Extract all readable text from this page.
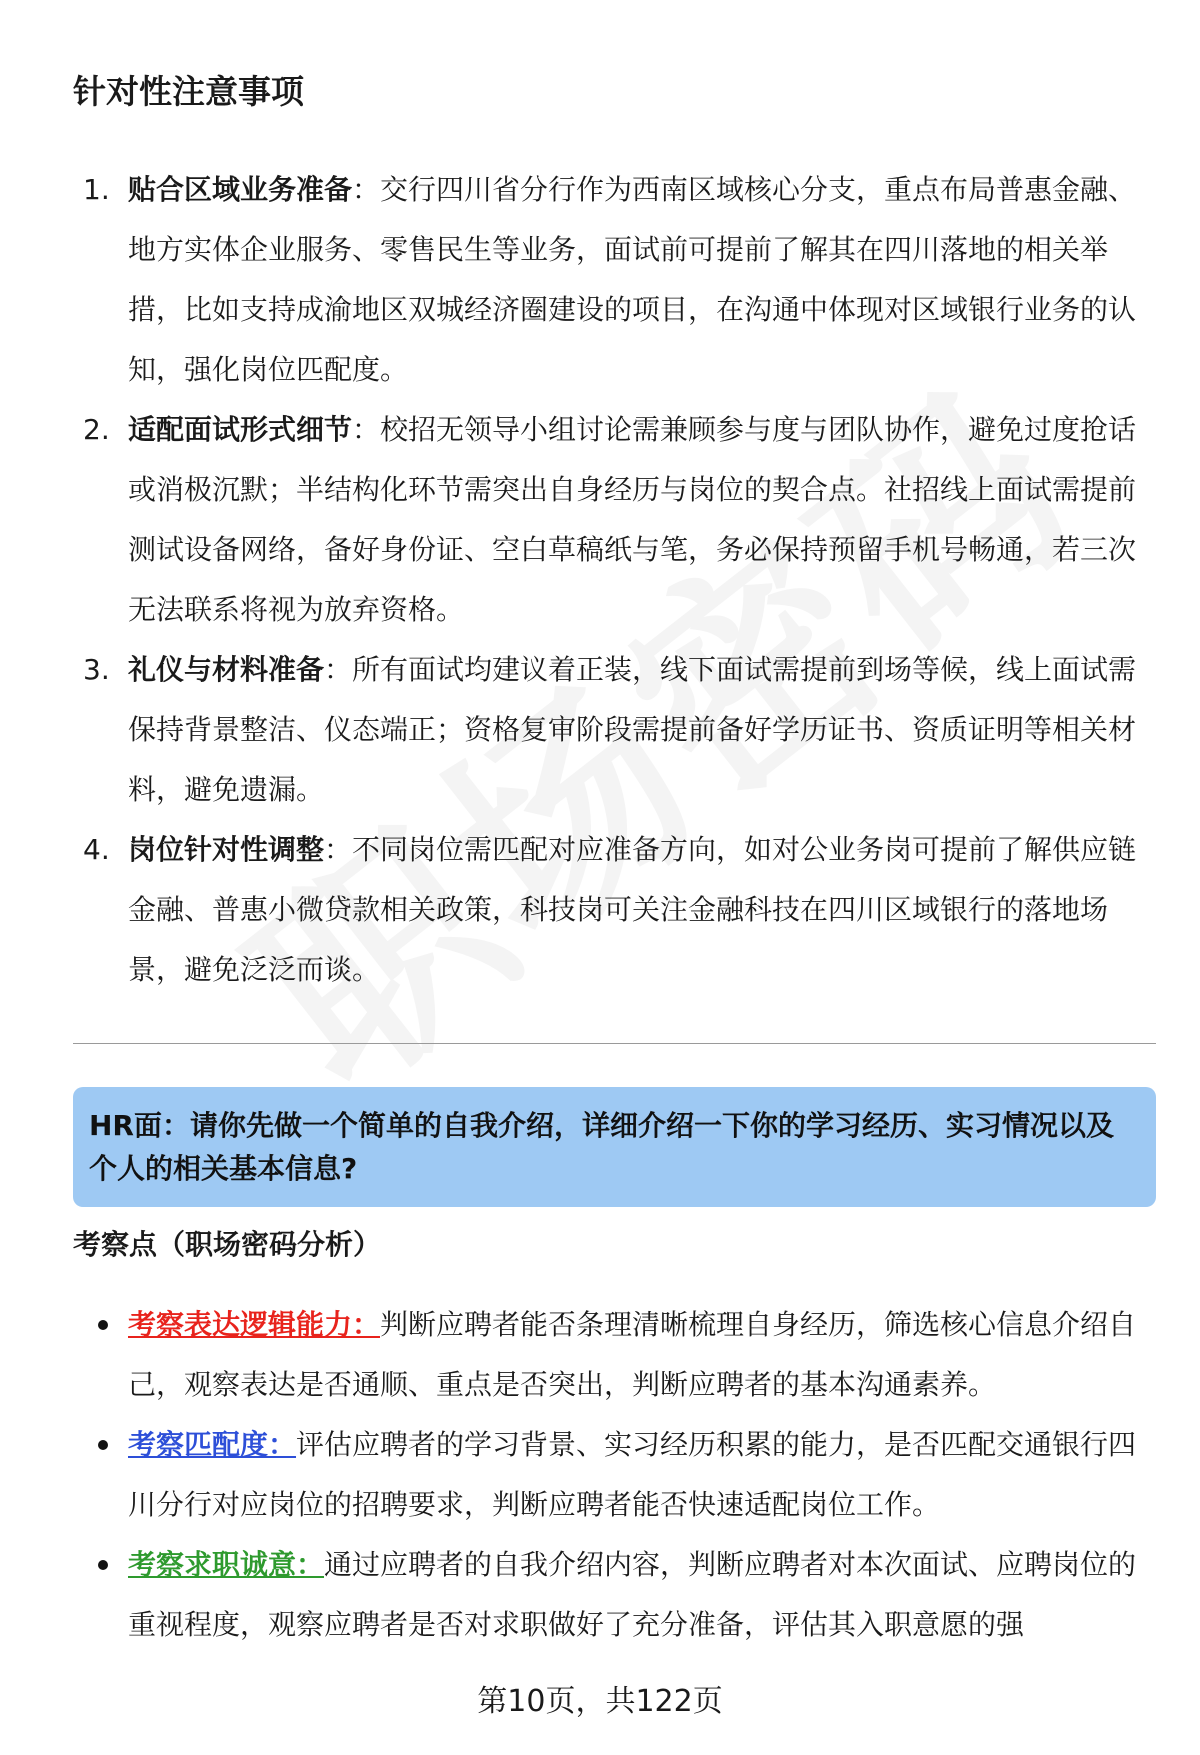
针对性注意事项
1. 贴合区域业务准备：交行四川省分行作为西南区域核心分支，重点布局普惠金融、地方实体企业服务、零售民生等业务，面试前可提前了解其在四川落地的相关举措，比如支持成渝地区双城经济圈建设的项目，在沟通中体现对区域银行业务的认知，强化岗位匹配度。
2. 适配面试形式细节：校招无领导小组讨论需兼顾参与度与团队协作，避免过度抢话或消极沉默；半结构化环节需突出自身经历与岗位的契合点。社招线上面试需提前测试设备网络，备好身份证、空白草稿纸与笔，务必保持预留手机号畅通，若三次无法联系将视为放弃资格。
3. 礼仪与材料准备：所有面试均建议着正装，线下面试需提前到场等候，线上面试需保持背景整洁、仪态端正；资格复审阶段需提前备好学历证书、资质证明等相关材料，避免遗漏。
4. 岗位针对性调整：不同岗位需匹配对应准备方向，如对公业务岗可提前了解供应链金融、普惠小微贷款相关政策，科技岗可关注金融科技在四川区域银行的落地场景，避免泛泛而谈。
HR面：请你先做一个简单的自我介绍，详细介绍一下你的学习经历、实习情况以及个人的相关基本信息?
考察点（职场密码分析）
考察表达逻辑能力：判断应聘者能否条理清晰梳理自身经历，筛选核心信息介绍自己，观察表达是否通顺、重点是否突出，判断应聘者的基本沟通素养。
考察匹配度：评估应聘者的学习背景、实习经历积累的能力，是否匹配交通银行四川分行对应岗位的招聘要求，判断应聘者能否快速适配岗位工作。
考察求职诚意：通过应聘者的自我介绍内容，判断应聘者对本次面试、应聘岗位的重视程度，观察应聘者是否对求职做好了充分准备，评估其入职意愿的强
第10页，共122页
